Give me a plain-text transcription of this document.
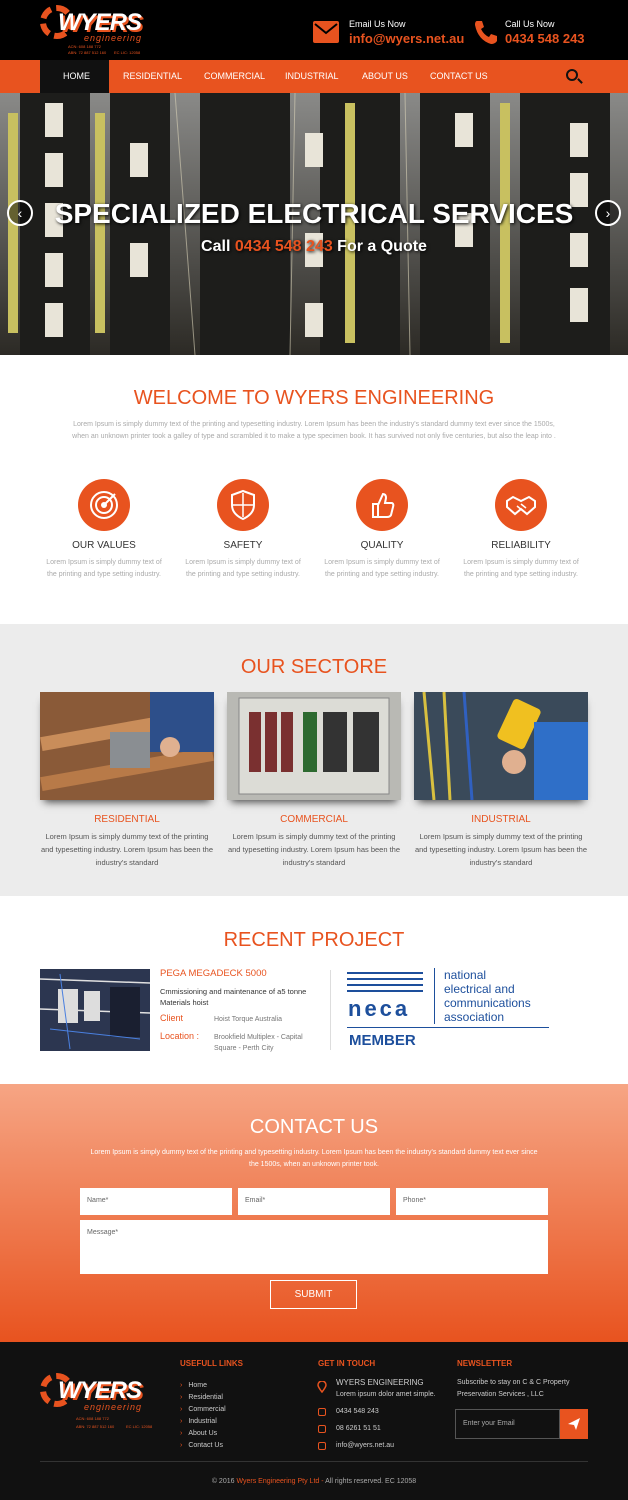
WYERS
engineering
ACN: 608 188 772
ABN: 72 887 512 160 EC LIC: 12058
Email Us Now
info@wyers.net.au
Call Us Now
0434 548 243
HOME	RESIDENTIAL COMMERCIAL INDUSTRIAL	ABOUT US CONTACT US
SPECIALIZED ELECTRICAL SERVICES
Call 0434 548 243 For a Quote
‹	›
WELCOME TO WYERS ENGINEERING
Lorem Ipsum is simply dummy text of the printing and typesetting industry. Lorem Ipsum has been the industry's standard dummy text ever since the 1500s, when an unknown printer took a galley of type and scrambled it to make a type specimen book. It has survived not only five centuries, but also the leap into .
OUR VALUES	SAFETY	QUALITY	RELIABILITY
Lorem Ipsum is simply dummy text of the printing and type setting industry.
Lorem Ipsum is simply dummy text of the printing and type setting industry.
Lorem Ipsum is simply dummy text of the printing and type setting industry.
Lorem Ipsum is simply dummy text of the printing and type setting industry.
OUR SECTORE
RESIDENTIAL	COMMERCIAL	INDUSTRIAL
Lorem Ipsum is simply dummy text of the printing and typesetting industry. Lorem Ipsum has been the industry's standard
Lorem Ipsum is simply dummy text of the printing and typesetting industry. Lorem Ipsum has been the industry's standard
Lorem Ipsum is simply dummy text of the printing and typesetting industry. Lorem Ipsum has been the industry's standard
RECENT PROJECT
PEGA MEGADECK 5000
Cmmissioning and maintenance of a5 tonne Materials hoist
Client	Hoist Torque Australia
Location : Brookfield Multiplex - Capital Square - Perth City
neca
national
electrical and
communications
association
MEMBER
CONTACT US
Lorem Ipsum is simply dummy text of the printing and typesetting industry. Lorem Ipsum has been the industry's standard dummy text ever since the 1500s, when an unknown printer took.
Name*	Email*	Phone*
Message*
SUBMIT
WYERS
engineering
ACN: 608 188 772
ABN: 72 887 512 160	EC LIC: 12058
USEFULL LINKS
› Home
› Residential
› Commercial
› Industrial
› About Us
› Contact Us
GET IN TOUCH
WYERS ENGINEERING
Lorem ipsum dolor amet simple.
0434 548 243
08 6261 51 51
info@wyers.net.au
NEWSLETTER
Subscribe to stay on C & C Property Preservation Services , LLC
Enter your Email
© 2016 Wyers Engineering Pty Ltd - All rights reserved. EC 12058
